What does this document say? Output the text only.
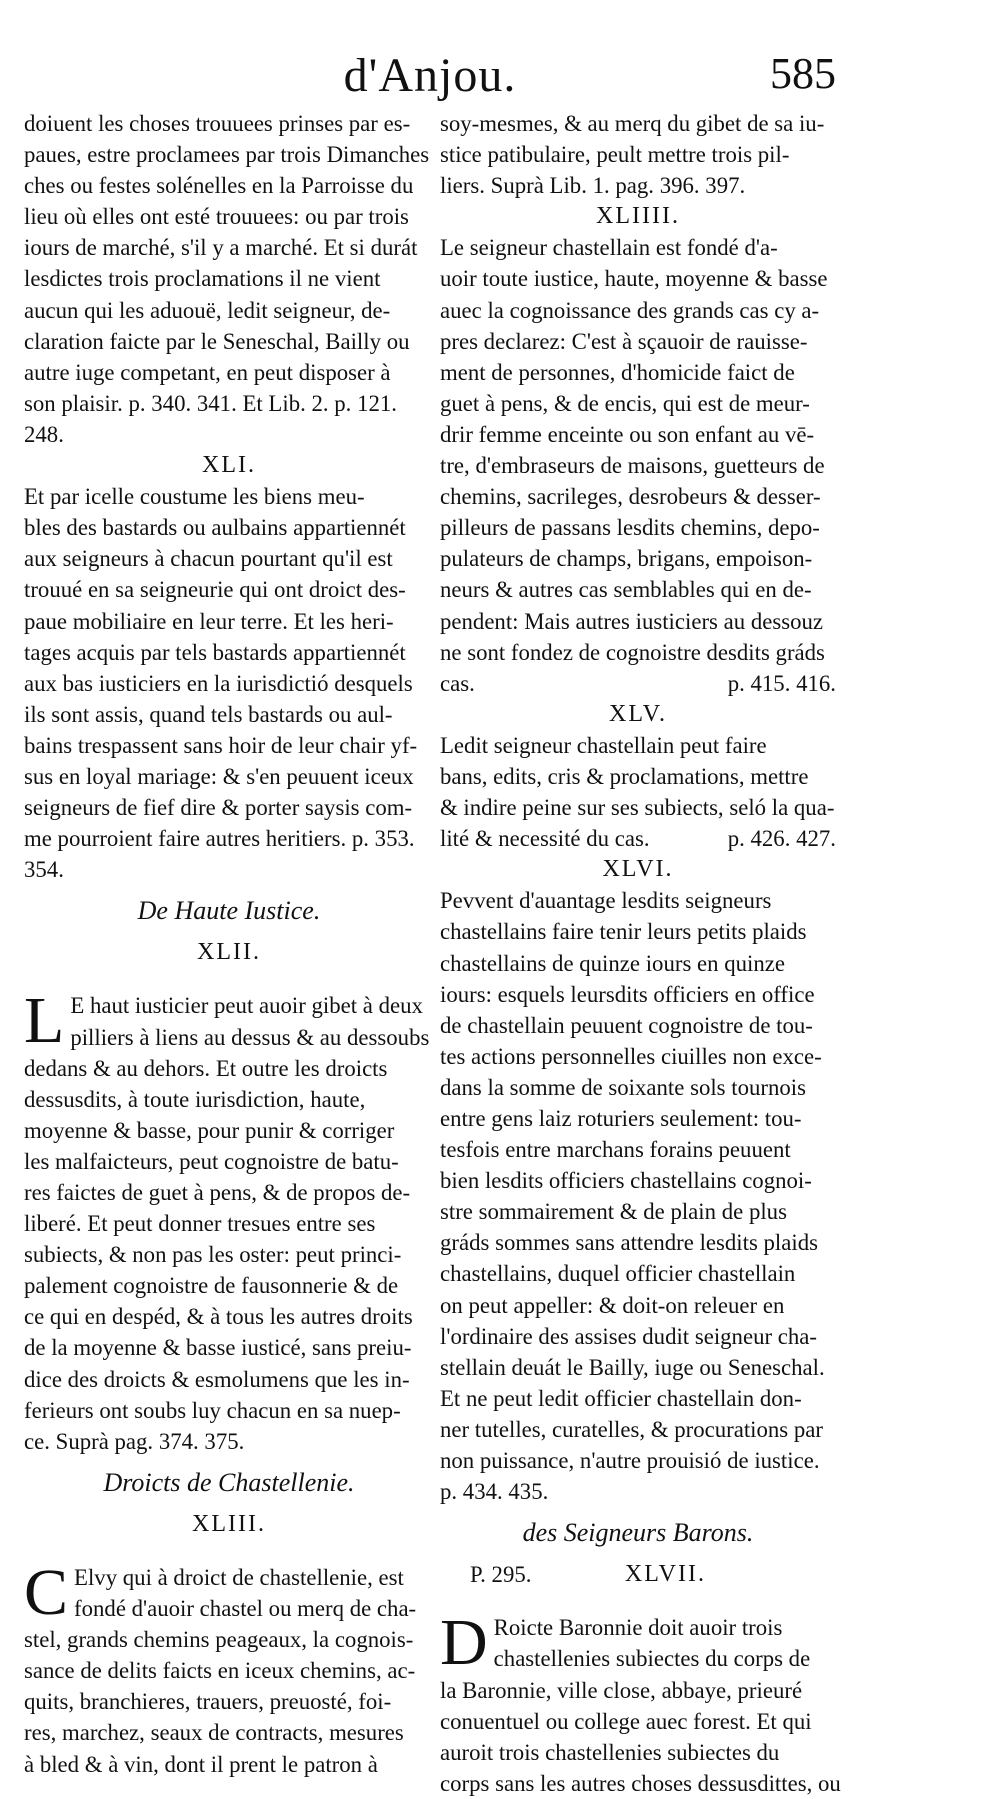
d'Anjou.	585
doiuent les choses trouuees prinses par es-
paues, estre proclamees par trois Dimanches
ches ou festes solénelles en la Parroisse du
lieu où elles ont esté trouuees: ou par trois
iours de marché, s'il y a marché. Et si durát
lesdictes trois proclamations il ne vient
aucun qui les aduouë, ledit seigneur, de-
claration faicte par le Seneschal, Bailly ou
autre iuge competant, en peut disposer à
son plaisir. p. 340. 341. Et Lib. 2. p. 121.
248.
XLI.
Et par icelle coustume les biens meu-
bles des bastards ou aulbains appartiennét
aux seigneurs à chacun pourtant qu'il est
trouué en sa seigneurie qui ont droict des-
paue mobiliaire en leur terre. Et les heri-
tages acquis par tels bastards appartiennét
aux bas iusticiers en la iurisdictió desquels
ils sont assis, quand tels bastards ou aul-
bains trespassent sans hoir de leur chair yf-
sus en loyal mariage: & s'en peuuent iceux
seigneurs de fief dire & porter saysis com-
me pourroient faire autres heritiers. p. 353.
354.
De Haute Iustice.
XLII.
L E haut iusticier peut auoir gibet à deux
pilliers à liens au dessus & au dessoubs
dedans & au dehors. Et outre les droicts
dessusdits, à toute iurisdiction, haute,
moyenne & basse, pour punir & corriger
les malfaicteurs, peut cognoistre de batu-
res faictes de guet à pens, & de propos de-
liberé. Et peut donner tresues entre ses
subiects, & non pas les oster: peut princi-
palement cognoistre de fausonnerie & de
ce qui en despéd, & à tous les autres droits
de la moyenne & basse iusticé, sans preiu-
dice des droicts & esmolumens que les in-
ferieurs ont soubs luy chacun en sa nuep-
ce. Suprà pag. 374. 375.
Droicts de Chastellenie.
XLIII.
C Elvy qui à droict de chastellenie, est
fondé d'auoir chastel ou merq de cha-
stel, grands chemins peageaux, la cognois-
sance de delits faicts en iceux chemins, ac-
quits, branchieres, trauers, preuosté, foi-
res, marchez, seaux de contracts, mesures
à bled & à vin, dont il prent le patron à
soy-mesmes, & au merq du gibet de sa iu-
stice patibulaire, peult mettre trois pil-
liers. Suprà Lib. 1. pag. 396. 397.
XLIIII.
Le seigneur chastellain est fondé d'a-
uoir toute iustice, haute, moyenne & basse
auec la cognoissance des grands cas cy a-
pres declarez: C'est à sçauoir de rauisse-
ment de personnes, d'homicide faict de
guet à pens, & de encis, qui est de meur-
drir femme enceinte ou son enfant au vē-
tre, d'embraseurs de maisons, guetteurs de
chemins, sacrileges, desrobeurs & desser-
pilleurs de passans lesdits chemins, depo-
pulateurs de champs, brigans, empoison-
neurs & autres cas semblables qui en de-
pendent: Mais autres iusticiers au dessouz
ne sont fondez de cognoistre desdits gráds
cas.	p. 415. 416.
XLV.
Ledit seigneur chastellain peut faire
bans, edits, cris & proclamations, mettre
& indire peine sur ses subiects, seló la qua-
lité & necessité du cas.	p. 426. 427.
XLVI.
Pevvent d'auantage lesdits seigneurs
chastellains faire tenir leurs petits plaids
chastellains de quinze iours en quinze
iours: esquels leursdits officiers en office
de chastellain peuuent cognoistre de tou-
tes actions personnelles ciuilles non exce-
dans la somme de soixante sols tournois
entre gens laiz roturiers seulement: tou-
tesfois entre marchans forains peuuent
bien lesdits officiers chastellains cognoi-
stre sommairement & de plain de plus
gráds sommes sans attendre lesdits plaids
chastellains, duquel officier chastellain
on peut appeller: & doit-on releuer en
l'ordinaire des assises dudit seigneur cha-
stellain deuát le Bailly, iuge ou Seneschal.
Et ne peut ledit officier chastellain don-
ner tutelles, curatelles, & procurations par
non puissance, n'autre prouisió de iustice.
p. 434. 435.
des Seigneurs Barons.
P. 295.	XLVII.
D Roicte Baronnie doit auoir trois
chastellenies subiectes du corps de
la Baronnie, ville close, abbaye, prieuré
conuentuel ou college auec forest. Et qui
auroit trois chastellenies subiectes du
corps sans les autres choses dessusdittes, ou
